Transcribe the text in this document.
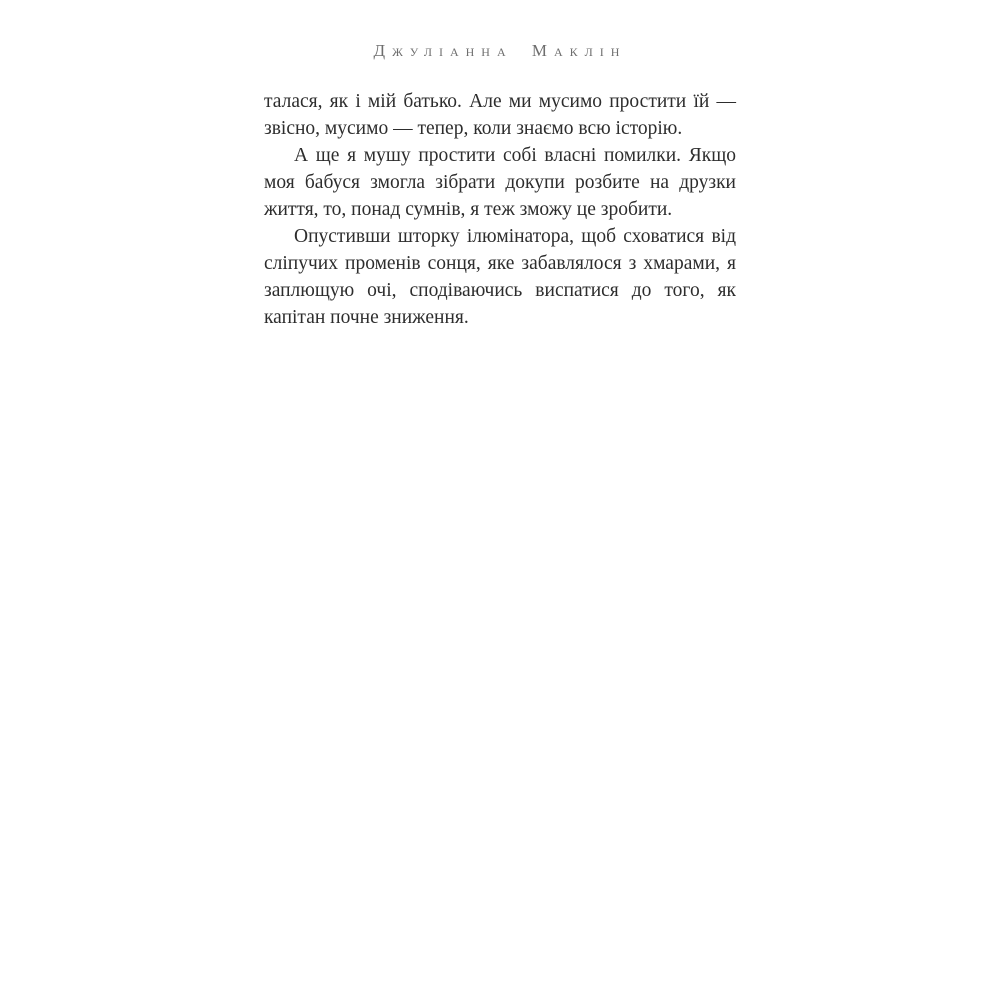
Джуліанна Маклін

талася, як і мій батько. Але ми мусимо простити їй — звісно, мусимо — тепер, коли знаємо всю історію.

А ще я мушу простити собі власні помилки. Якщо моя бабуся змогла зібрати докупи розбите на друзки життя, то, понад сумнів, я теж зможу це зробити.

Опустивши шторку ілюмінатора, щоб сховатися від сліпучих променів сонця, яке забавлялося з хмарами, я заплющую очі, сподіваючись виспатися до того, як капітан почне зниження.
